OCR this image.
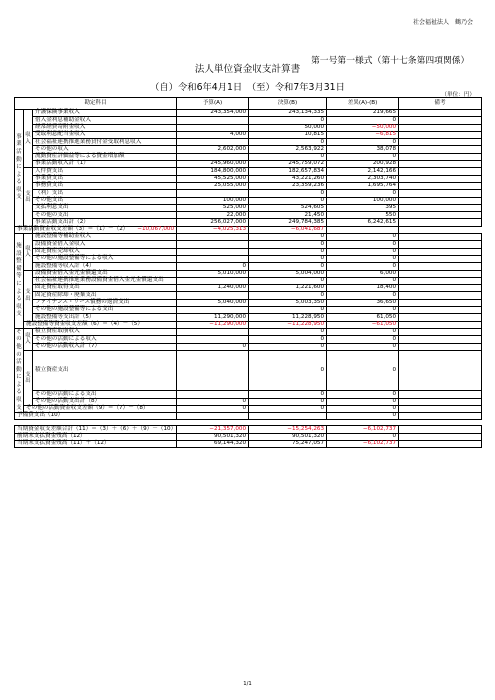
社会福祉法人　鶴乃会
第一号第一様式（第十七条第四項関係）
法人単位資金収支計算書
（自）令和6年4月1日　（至）令和7年3月31日
（単位：円）
勘定科目			予算(A)	決算(B)	差異(A)-(B)	備考
事業活動による収支	収入	介護保険事業収入	243,354,000	243,134,335	219,665	
		借入金利息補助金収入		0	0	
		経常経費寄附金収入		50,000	−50,000	
		受取利息配当金収入	4,000	10,815	−6,815	
		社会福祉連携推進業務貸付金受取利息収入		0	0	
		その他の収入	2,602,000	2,563,922	38,078	
		流動資産評価益等による資金増加額		0	0	
		事業活動収入計（1）	245,960,000	245,759,072	200,928	
	支出	人件費支出	184,800,000	182,657,834	2,142,166	
		事業費支出	45,525,000	43,221,260	2,303,740	
		事務費支出	25,055,000	23,359,236	1,695,764	
		（利）支出		0	0	
		その他支出	100,000	0	100,000	
		支払利息支出	525,000	524,605	395	
		その他の支出	22,000	21,450	550	
		事業活動支出計（2）	256,027,000	249,784,385	6,242,615	
事業活動資金収支差額（3）＝（1）－（2）		−10,067,000	−4,025,313	−6,041,687		
施設整備等による収支	収入	施設整備等補助金収入		0	0	
		設備資金借入金収入		0	0	
		固定資産売却収入		0	0	
		その他の施設整備等による収入		0	0	
		施設整備等収入計（4）	0	0	0	
	支出	設備資金借入金元金償還支出	5,010,000	5,004,000	6,000	
		社会福祉連携推進業務設備資金借入金元金償還支出		0	0	
		固定資産取得支出	1,240,000	1,221,600	18,400	
		固定資産除却・廃棄支出		0	0	
		ファイナンス・リース債務の返済支出	5,040,000	5,003,350	36,650	
		その他の施設整備等による支出		0	0	
		施設整備等支出計（5）	11,290,000	11,228,950	61,050	
	施設整備等資金収支差額（6）＝（4）－（5）		−11,290,000	−11,228,950	−61,050	
その他の活動による収支	収入	積立資産取崩収入		0	0	
		その他の活動による収入		0	0	
		その他の活動収入計（7）	0	0	0	
	支出	積立資産支出		0	0	
		その他の活動による支出		0	0	
		その他の活動支出計（8）	0	0	0	
	その他の活動資金収支差額（9）＝（7）－（8）		0	0	0	
予備費支出（10）					0	

当期資金収支差額合計（11）＝（3）＋（6）＋（9）－（10）			−21,357,000	−15,254,263	−6,102,737	
前期末支払資金残高（12）			90,501,320	90,501,320	0	
当期末支払資金残高（11）＋（12）			69,144,320	75,247,057	−6,102,737	
1/1
